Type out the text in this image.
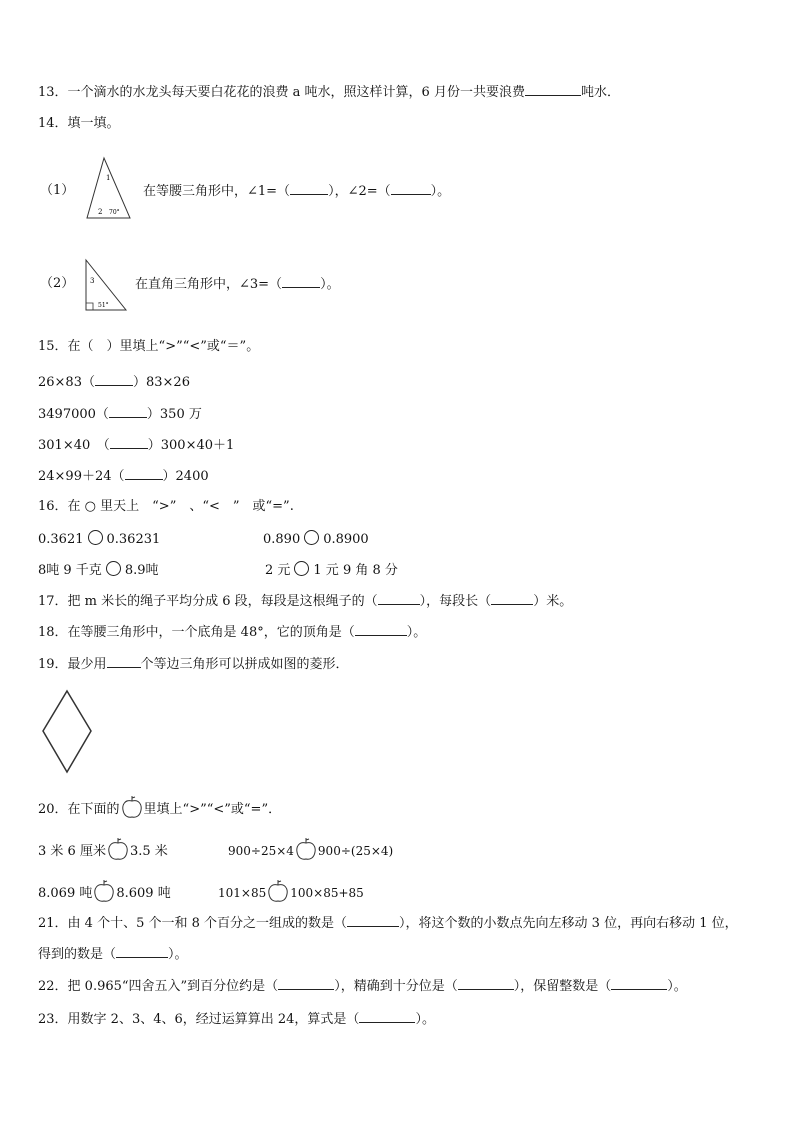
13．一个滴水的水龙头每天要白花花的浪费 a 吨水，照这样计算，6 月份一共要浪费	吨水．
14．填一填。
（1）
1
2 70°
在等腰三角形中，∠1=（	），∠2=（	）。
（2） 3
51°
在直角三角形中，∠3=（	）。
15．在（　）里填上“>”“<”或“＝”。
26×83（	）83×26
3497000（	）350 万
301×40　（	）300×40＋1
24×99＋24（	）2400
16．在 ○ 里天上　“>”　、“<　”　或“=”.
0.3621 0.36231	0.890 0.8900
8吨 9 千克 8.9吨	2 元 1 元 9 角 8 分
17．把 m 米长的绳子平均分成 6 段，每段是这根绳子的（	），每段长（	）米。
18．在等腰三角形中，一个底角是 48°，它的顶角是（	）。
19．最少用	个等边三角形可以拼成如图的菱形．
20．在下面的 里填上“>”“<”或“=”．
3 米 6 厘米 3.5 米	900÷25×4 900÷(25×4)
8.069 吨 8.609 吨	101×85 100×85+85
21．由 4 个十、5 个一和 8 个百分之一组成的数是（	），将这个数的小数点先向左移动 3 位，再向右移动 1 位，
得到的数是（	）。
22．把 0.965“四舍五入”到百分位约是（	），精确到十分位是（	），保留整数是（	）。
23．用数字 2、3、4、6，经过运算算出 24，算式是（	）。
